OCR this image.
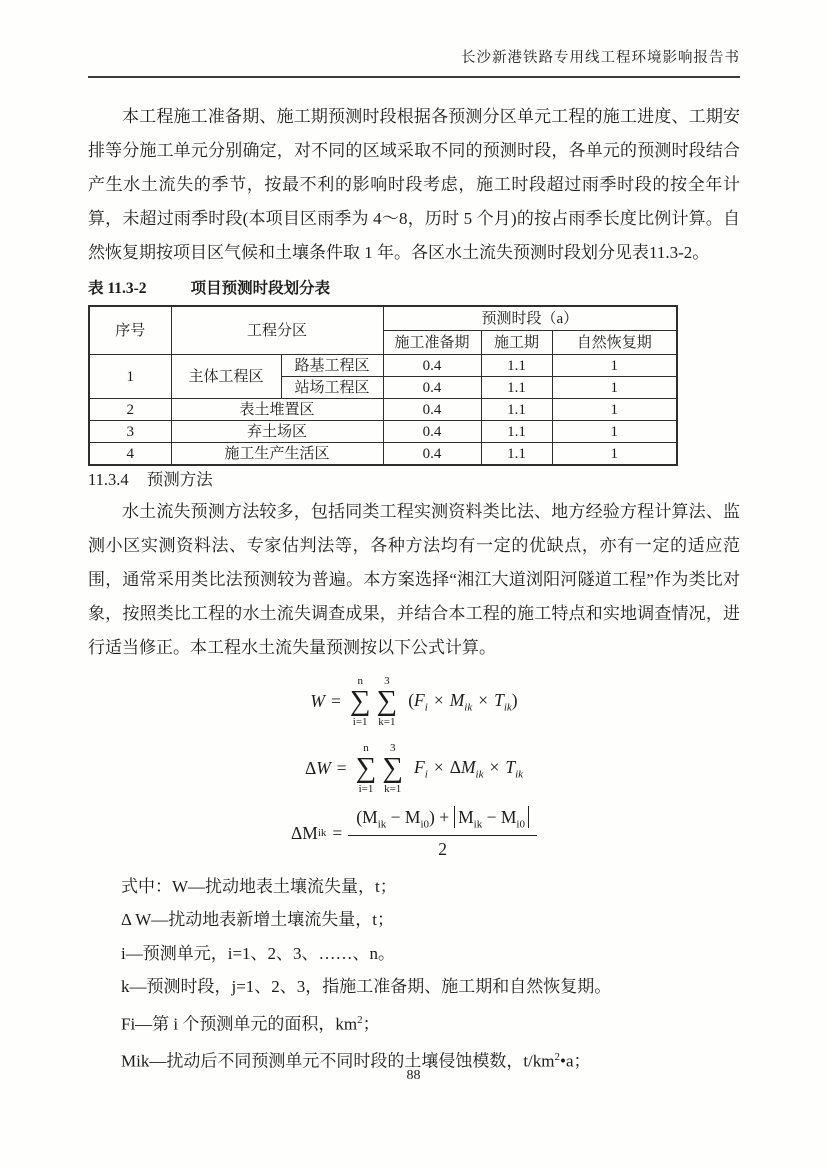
长沙新港铁路专用线工程环境影响报告书

本工程施工准备期、施工期预测时段根据各预测分区单元工程的施工进度、工期安排等分施工单元分别确定，对不同的区域采取不同的预测时段，各单元的预测时段结合产生水土流失的季节，按最不利的影响时段考虑，施工时段超过雨季时段的按全年计算，未超过雨季时段(本项目区雨季为 4～8，历时 5 个月)的按占雨季长度比例计算。自然恢复期按项目区气候和土壤条件取 1 年。各区水土流失预测时段划分见表11.3-2。

表 11.3-2	项目预测时段划分表
序号	工程分区		预测时段（a）		
			施工准备期	施工期	自然恢复期
1	主体工程区	路基工程区	0.4	1.1	1
		站场工程区	0.4	1.1	1
2	表土堆置区		0.4	1.1	1
3	弃土场区		0.4	1.1	1
4	施工生产生活区		0.4	1.1	1
11.3.4 预测方法

水土流失预测方法较多，包括同类工程实测资料类比法、地方经验方程计算法、监测小区实测资料法、专家估判法等，各种方法均有一定的优缺点，亦有一定的适应范围，通常采用类比法预测较为普遍。本方案选择“湘江大道浏阳河隧道工程”作为类比对象，按照类比工程的水土流失调查成果，并结合本工程的施工特点和实地调查情况，进行适当修正。本工程水土流失量预测按以下公式计算。

W =
n
∑
i=1
3
∑
k=1
$(F_i \times M_{ik} \times T_{ik})$
Δ W =
n
∑
i=1
3
∑
k=1
$F_i \times \Delta M_{ik} \times T_{ik}$
Δ M ik = $\frac{(M_{ik} - M_{i0}) + M_{ik} - M_{i0}}{2}$
式中：W—扰动地表土壤流失量，t；
Δ W—扰动地表新增土壤流失量，t；
i—预测单元，i=1、2、3、……、n。
k—预测时段，j=1、2、3，指施工准备期、施工期和自然恢复期。
Fi—第 i 个预测单元的面积，$km^2$；
Mik—扰动后不同预测单元不同时段的土壤侵蚀模数，$t/km^2•a$；
88
